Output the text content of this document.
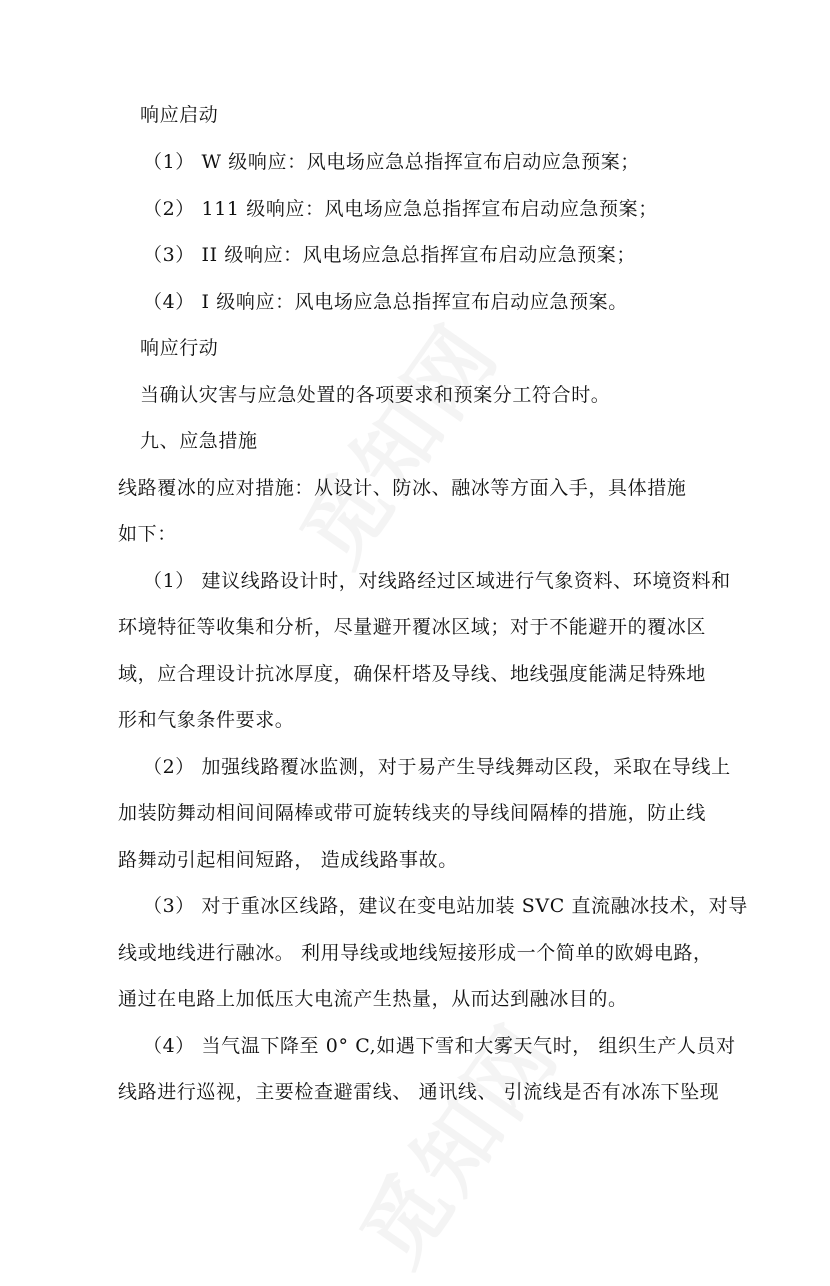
响应启动
（1） W 级响应：风电场应急总指挥宣布启动应急预案；
（2） 111 级响应：风电场应急总指挥宣布启动应急预案；
（3） II 级响应：风电场应急总指挥宣布启动应急预案；
（4） I 级响应：风电场应急总指挥宣布启动应急预案。
响应行动
当确认灾害与应急处置的各项要求和预案分工符合时。
九、应急措施
线路覆冰的应对措施：从设计、防冰、融冰等方面入手，具体措施
如下：
（1） 建议线路设计时，对线路经过区域进行气象资料、环境资料和
环境特征等收集和分析，尽量避开覆冰区域；对于不能避开的覆冰区
域，应合理设计抗冰厚度，确保杆塔及导线、地线强度能满足特殊地
形和气象条件要求。
（2） 加强线路覆冰监测，对于易产生导线舞动区段，采取在导线上
加装防舞动相间间隔棒或带可旋转线夹的导线间隔棒的措施，防止线
路舞动引起相间短路， 造成线路事故。
（3） 对于重冰区线路，建议在变电站加装 SVC 直流融冰技术，对导
线或地线进行融冰。 利用导线或地线短接形成一个简单的欧姆电路，
通过在电路上加低压大电流产生热量，从而达到融冰目的。
（4） 当气温下降至 0° C,如遇下雪和大雾天气时， 组织生产人员对
线路进行巡视，主要检查避雷线、 通讯线、 引流线是否有冰冻下坠现
